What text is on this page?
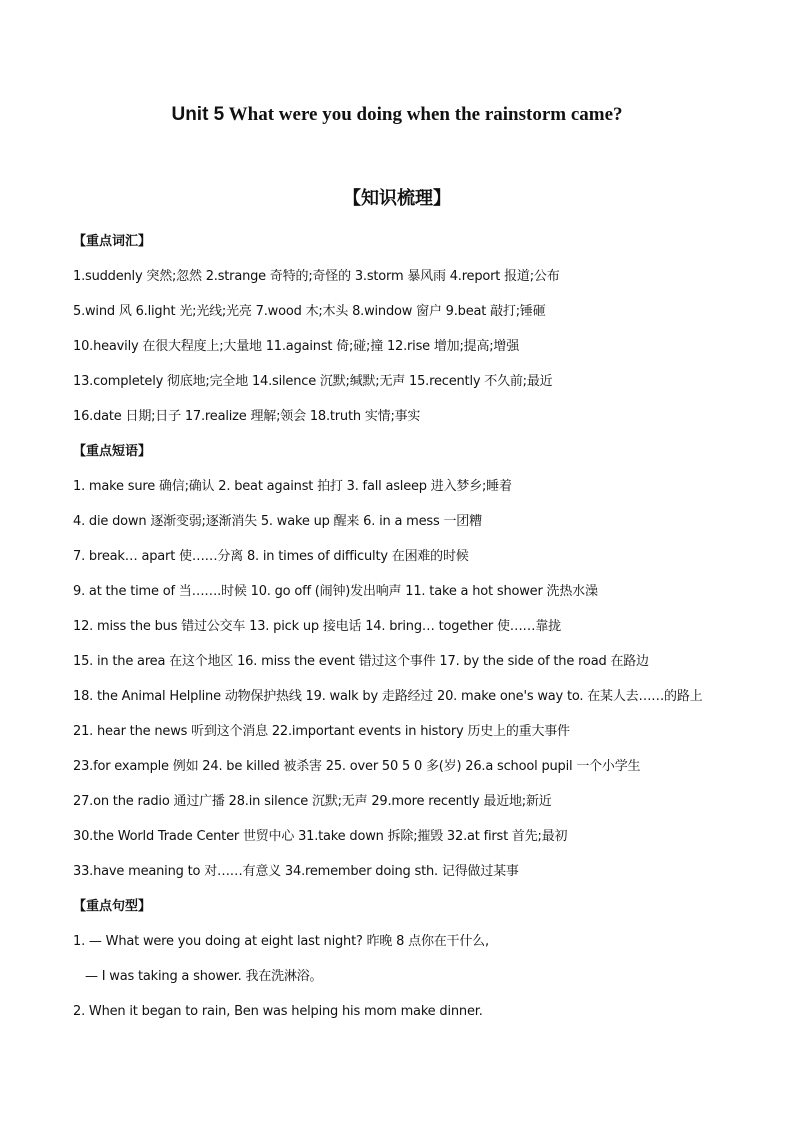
Unit 5 What were you doing when the rainstorm came?
【知识梳理】
【重点词汇】
1.suddenly 突然;忽然 2.strange 奇特的;奇怪的 3.storm 暴风雨 4.report 报道;公布
5.wind 风 6.light 光;光线;光亮 7.wood 木;木头 8.window 窗户 9.beat 敲打;锤砸
10.heavily 在很大程度上;大量地 11.against 倚;碰;撞 12.rise 增加;提高;增强
13.completely 彻底地;完全地 14.silence 沉默;缄默;无声 15.recently 不久前;最近
16.date 日期;日子 17.realize 理解;领会 18.truth 实情;事实
【重点短语】
1. make sure 确信;确认 2. beat against 拍打 3. fall asleep 进入梦乡;睡着
4. die down 逐渐变弱;逐渐消失 5. wake up 醒来 6. in a mess 一团糟
7. break… apart 使……分离 8. in times of difficulty 在困难的时候
9. at the time of 当…….时候 10. go off (闹钟)发出响声 11. take a hot shower 洗热水澡
12. miss the bus 错过公交车 13. pick up 接电话 14. bring… together 使……靠拢
15. in the area 在这个地区 16. miss the event 错过这个事件 17. by the side of the road 在路边
18. the Animal Helpline 动物保护热线 19. walk by 走路经过 20. make one's way to. 在某人去……的路上
21. hear the news 听到这个消息 22.important events in history 历史上的重大事件
23.for example 例如 24. be killed 被杀害 25. over 50 5 0 多(岁) 26.a school pupil 一个小学生
27.on the radio 通过广播 28.in silence 沉默;无声 29.more recently 最近地;新近
30.the World Trade Center 世贸中心 31.take down 拆除;摧毁 32.at first 首先;最初
33.have meaning to 对……有意义 34.remember doing sth. 记得做过某事
【重点句型】
1. — What were you doing at eight last night? 昨晚 8 点你在干什么,
— I was taking a shower. 我在洗淋浴。
2. When it began to rain, Ben was helping his mom make dinner.
